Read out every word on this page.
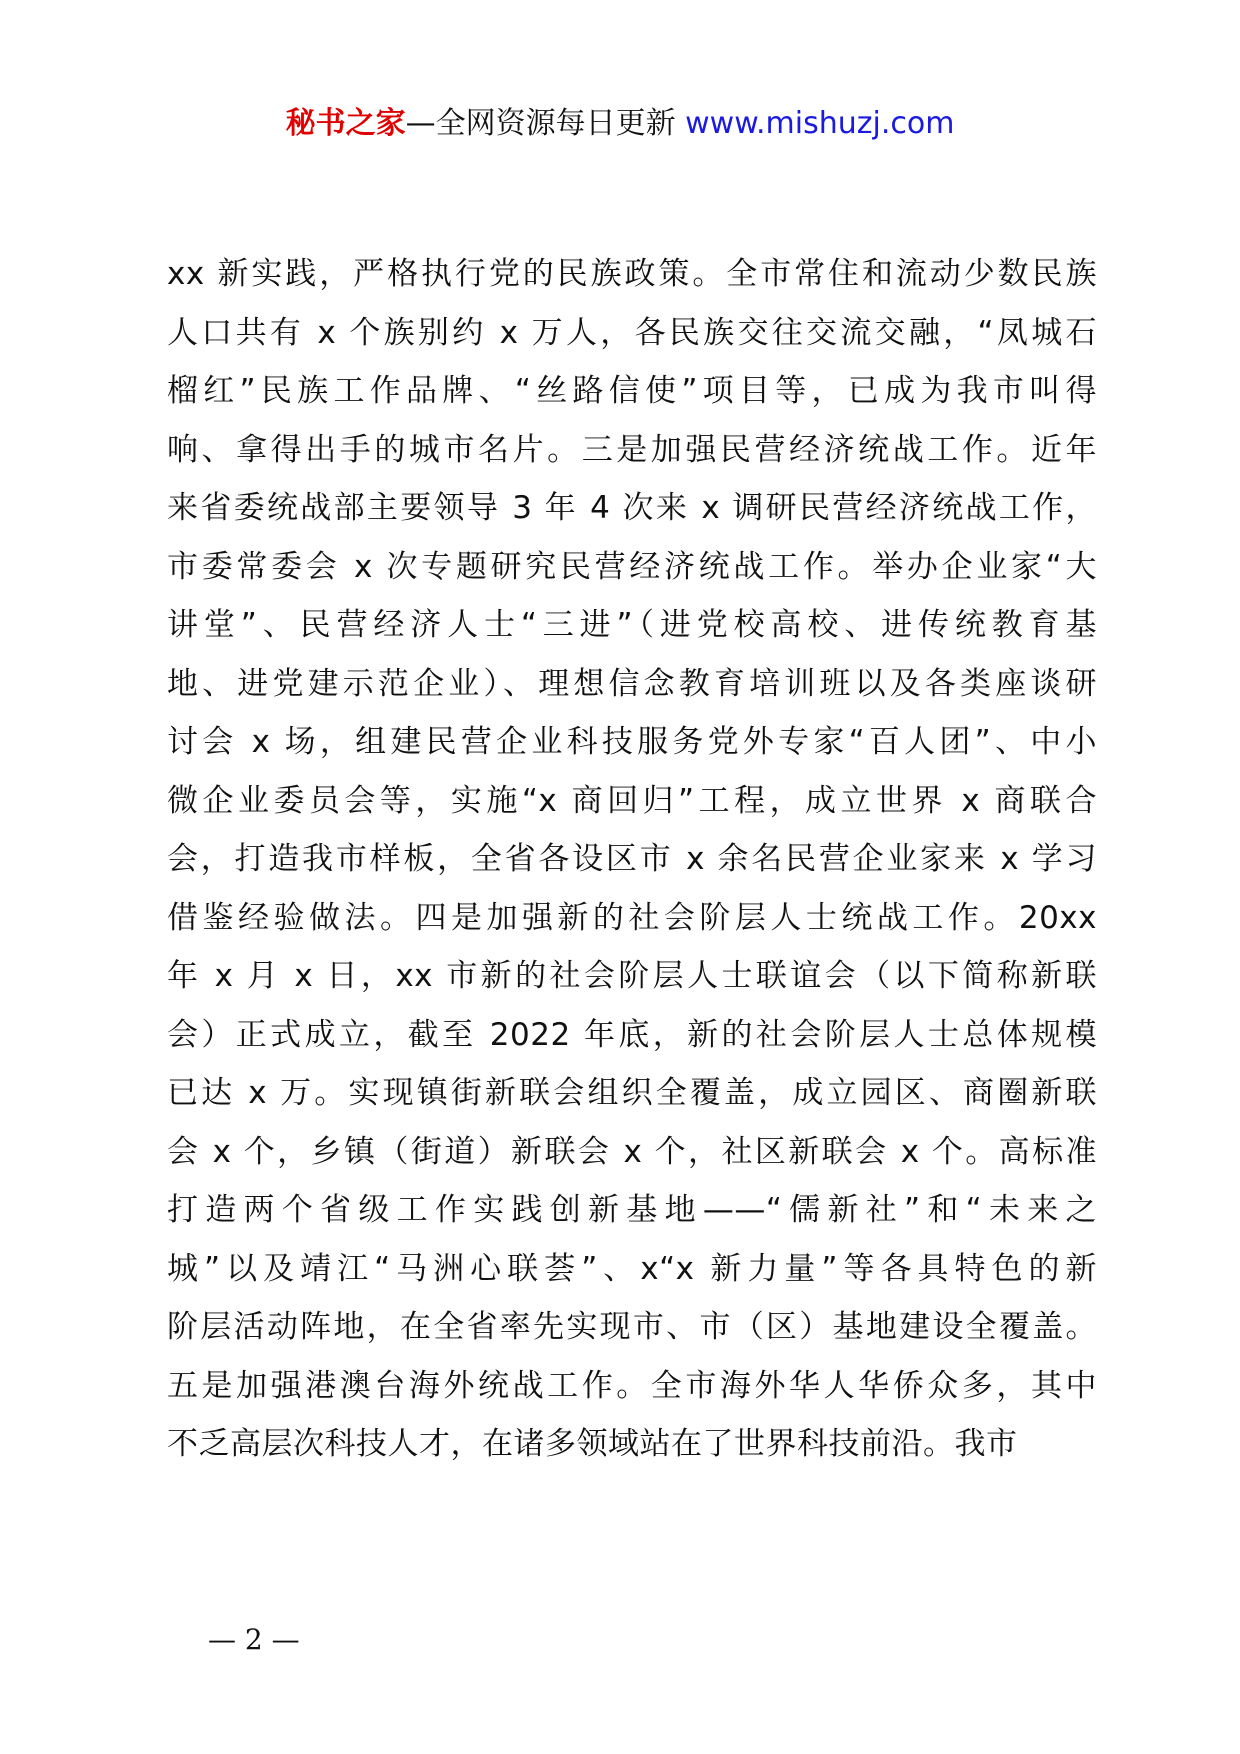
秘书之家—全网资源每日更新 www.mishuzj.com
xx 新实践，严格执行党的民族政策。全市常住和流动少数民族
人口共有 x 个族别约 x 万人，各民族交往交流交融，“凤城石
榴红”民族工作品牌、“丝路信使”项目等，已成为我市叫得
响、拿得出手的城市名片。三是加强民营经济统战工作。近年
来省委统战部主要领导 3 年 4 次来 x 调研民营经济统战工作，
市委常委会 x 次专题研究民营经济统战工作。举办企业家“大
讲堂”、民营经济人士“三进”（进党校高校、进传统教育基
地、进党建示范企业）、理想信念教育培训班以及各类座谈研
讨会 x 场，组建民营企业科技服务党外专家“百人团”、中小
微企业委员会等，实施“x 商回归”工程，成立世界 x 商联合
会，打造我市样板，全省各设区市 x 余名民营企业家来 x 学习
借鉴经验做法。四是加强新的社会阶层人士统战工作。20xx
年 x 月 x 日，xx 市新的社会阶层人士联谊会（以下简称新联
会）正式成立，截至 2022 年底，新的社会阶层人士总体规模
已达 x 万。实现镇街新联会组织全覆盖，成立园区、商圈新联
会 x 个，乡镇（街道）新联会 x 个，社区新联会 x 个。高标准
打造两个省级工作实践创新基地——“儒新社”和“未来之
城”以及靖江“马洲心联荟”、x“x 新力量”等各具特色的新
阶层活动阵地，在全省率先实现市、市（区）基地建设全覆盖。
五是加强港澳台海外统战工作。全市海外华人华侨众多，其中
不乏高层次科技人才，在诸多领域站在了世界科技前沿。我市
— 2 —
